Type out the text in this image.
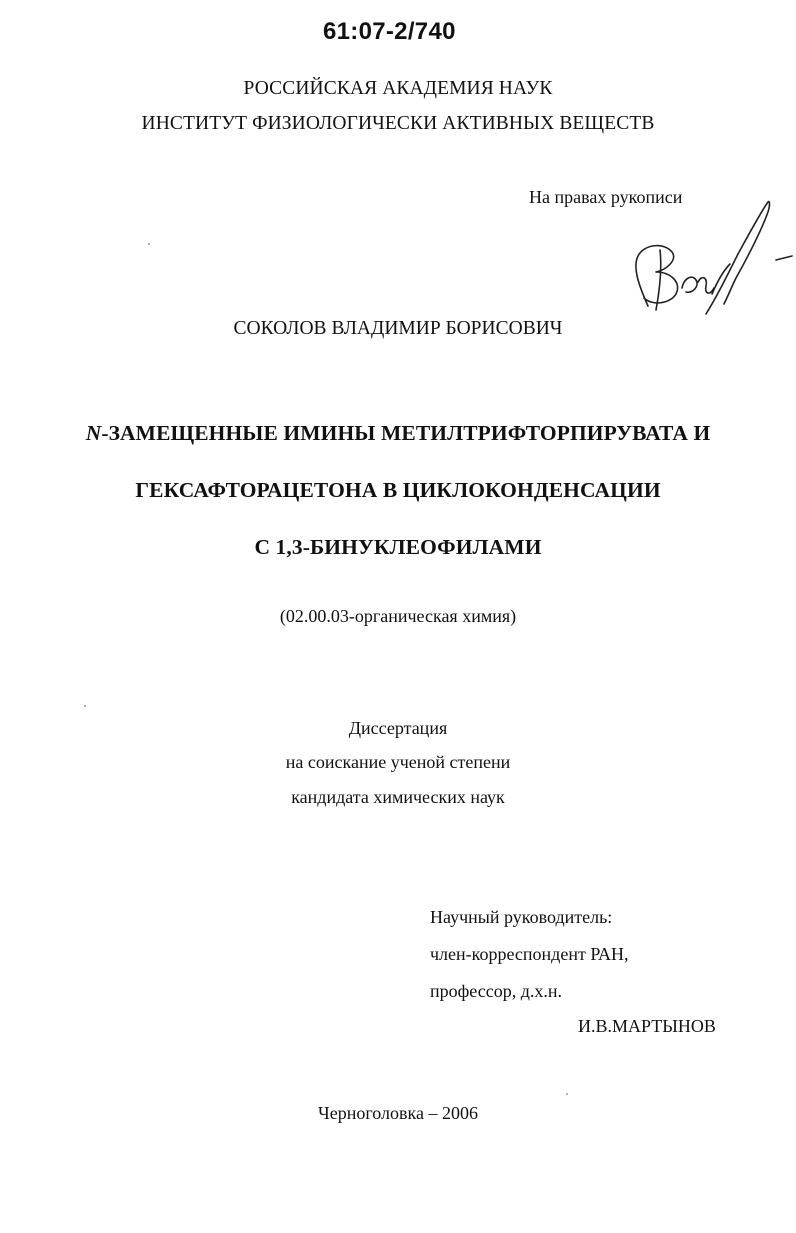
61:07-2/740
РОССИЙСКАЯ АКАДЕМИЯ НАУК
ИНСТИТУТ ФИЗИОЛОГИЧЕСКИ АКТИВНЫХ ВЕЩЕСТВ
На правах рукописи
СОКОЛОВ ВЛАДИМИР БОРИСОВИЧ
N-ЗАМЕЩЕННЫЕ ИМИНЫ МЕТИЛТРИФТОРПИРУВАТА И
ГЕКСАФТОРАЦЕТОНА В ЦИКЛОКОНДЕНСАЦИИ
С 1,3-БИНУКЛЕОФИЛАМИ
(02.00.03-органическая химия)
Диссертация
на соискание ученой степени
кандидата химических наук
Научный руководитель:
член-корреспондент РАН,
профессор, д.х.н.
И.В.МАРТЫНОВ
Черноголовка – 2006
